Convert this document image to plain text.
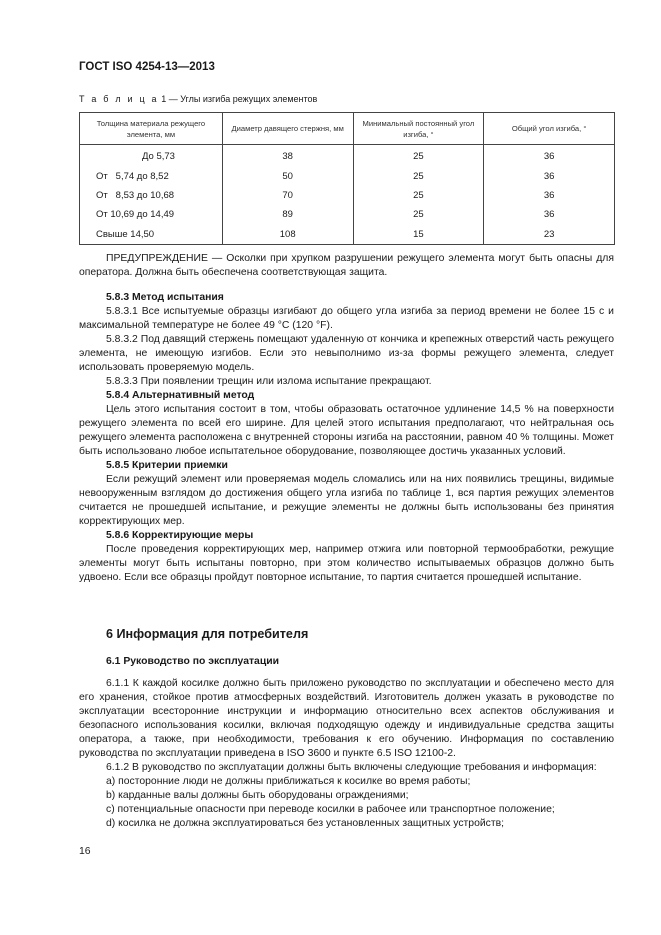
ГОСТ ISO 4254-13—2013
Т а б л и ц а 1 — Углы изгиба режущих элементов
Толщина материала режущего элемента, мм	Диаметр давящего стержня, мм	Минимальный постоянный угол изгиба, °	Общий угол изгиба, °
До 5,73	38	25	36
От   5,74 до 8,52	50	25	36
От   8,53 до 10,68	70	25	36
От 10,69 до 14,49	89	25	36
Свыше 14,50	108	15	23

ПРЕДУПРЕЖДЕНИЕ — Осколки при хрупком разрушении режущего элемента могут быть опасны для оператора. Должна быть обеспечена соответствующая защита.

5.8.3 Метод испытания

5.8.3.1 Все испытуемые образцы изгибают до общего угла изгиба за период времени не более 15 с и максимальной температуре не более 49 °С (120 °F).

5.8.3.2 Под давящий стержень помещают удаленную от кончика и крепежных отверстий часть режущего элемента, не имеющую изгибов. Если это невыполнимо из-за формы режущего элемента, следует использовать проверяемую модель.

5.8.3.3 При появлении трещин или излома испытание прекращают.

5.8.4 Альтернативный метод

Цель этого испытания состоит в том, чтобы образовать остаточное удлинение 14,5 % на поверхности режущего элемента по всей его ширине. Для целей этого испытания предполагают, что нейтральная ось режущего элемента расположена с внутренней стороны изгиба на расстоянии, равном 40 % толщины. Может быть использовано любое испытательное оборудование, позволяющее достичь указанных условий.

5.8.5 Критерии приемки

Если режущий элемент или проверяемая модель сломались или на них появились трещины, видимые невооруженным взглядом до достижения общего угла изгиба по таблице 1, вся партия режущих элементов считается не прошедшей испытание, и режущие элементы не должны быть использованы без принятия корректирующих мер.

5.8.6 Корректирующие меры

После проведения корректирующих мер, например отжига или повторной термообработки, режущие элементы могут быть испытаны повторно, при этом количество испытываемых образцов должно быть удвоено. Если все образцы пройдут повторное испытание, то партия считается прошедшей испытание.

6 Информация для потребителя
6.1 Руководство по эксплуатации

6.1.1 К каждой косилке должно быть приложено руководство по эксплуатации и обеспечено место для его хранения, стойкое против атмосферных воздействий. Изготовитель должен указать в руководстве по эксплуатации всесторонние инструкции и информацию относительно всех аспектов обслуживания и безопасного использования косилки, включая подходящую одежду и индивидуальные средства защиты оператора, а также, при необходимости, требования к его обучению. Информация по составлению руководства по эксплуатации приведена в ISO 3600 и пункте 6.5 ISO 12100-2.

6.1.2 В руководство по эксплуатации должны быть включены следующие требования и информация:

a) посторонние люди не должны приближаться к косилке во время работы;

b) карданные валы должны быть оборудованы ограждениями;

c) потенциальные опасности при переводе косилки в рабочее или транспортное положение;

d) косилка не должна эксплуатироваться без установленных защитных устройств;

16
